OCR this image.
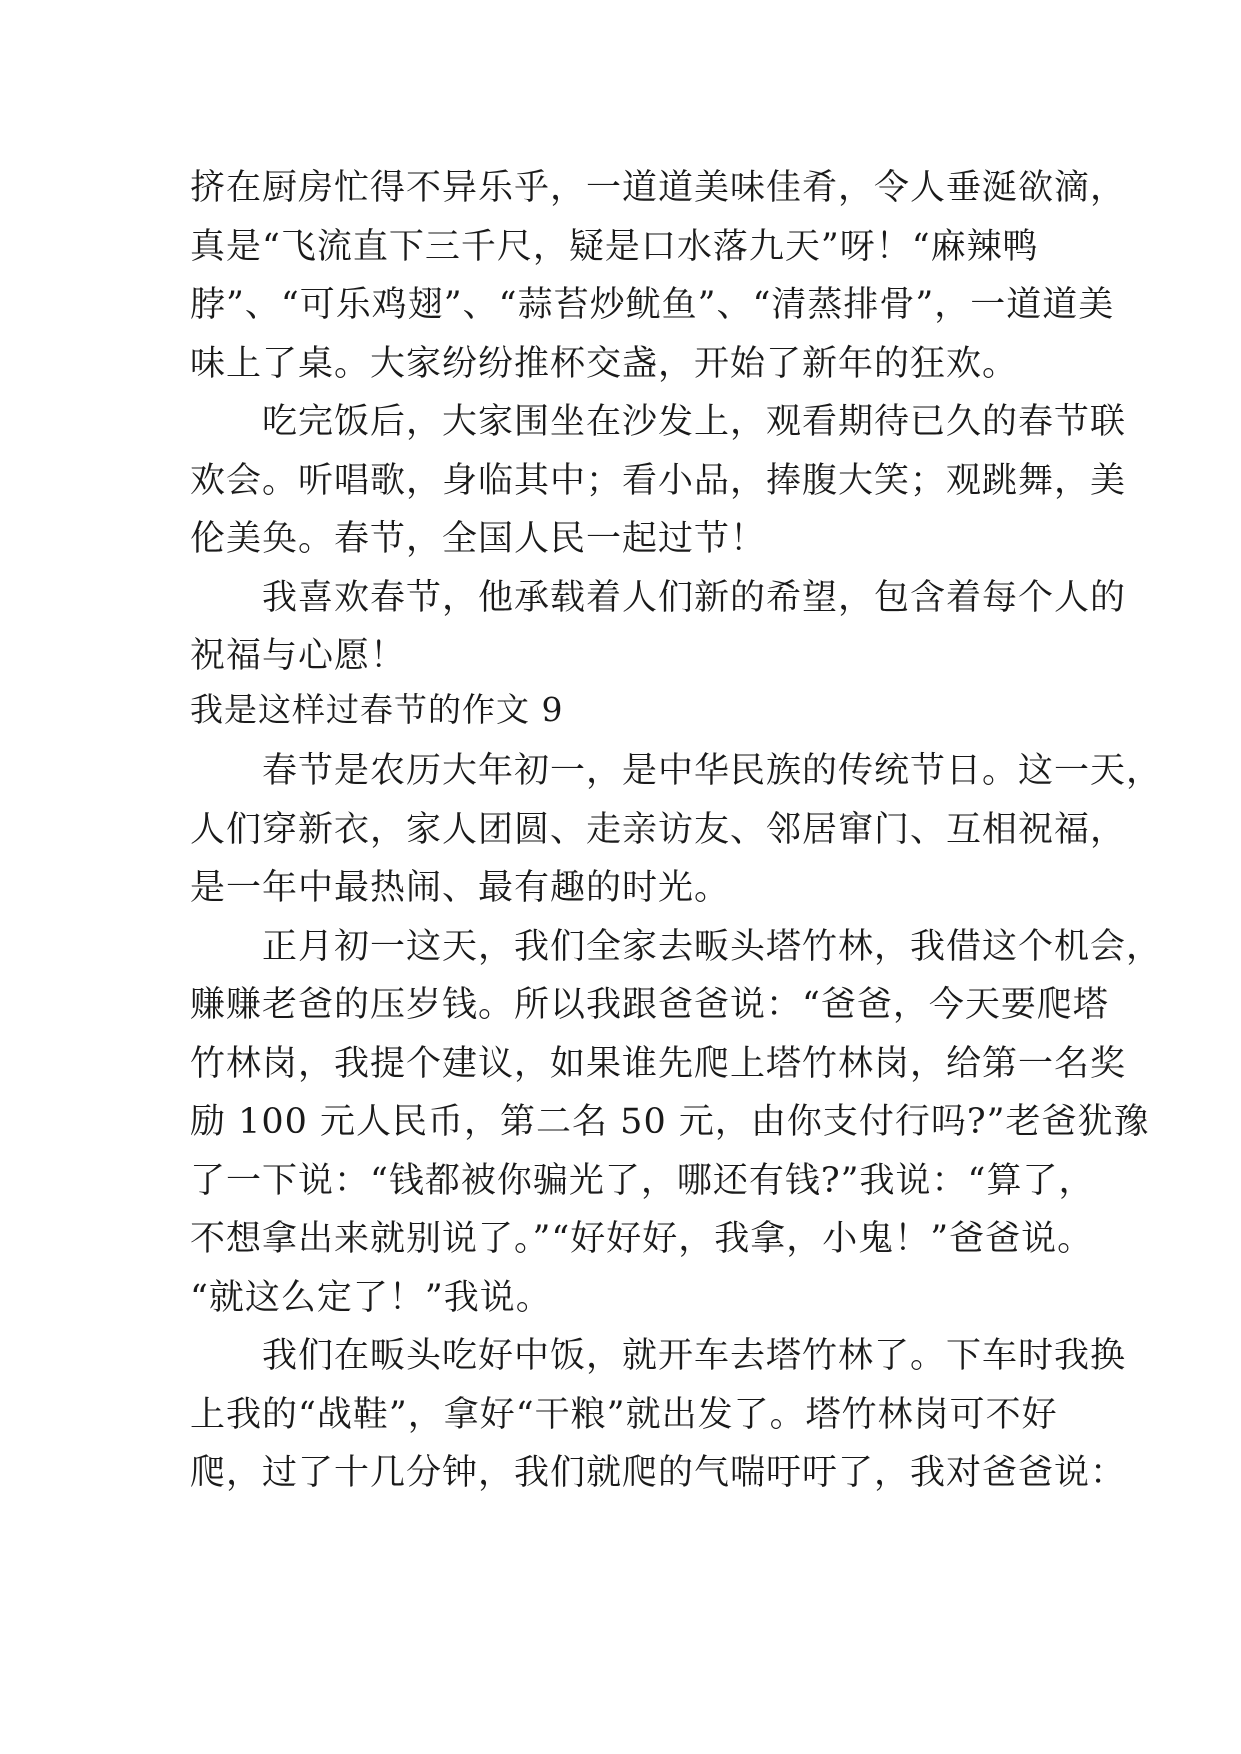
挤在厨房忙得不异乐乎，一道道美味佳肴，令人垂涎欲滴，
真是“飞流直下三千尺，疑是口水落九天”呀！“麻辣鸭
脖”、“可乐鸡翅”、“蒜苔炒鱿鱼”、“清蒸排骨”，一道道美
味上了桌。大家纷纷推杯交盏，开始了新年的狂欢。
　　吃完饭后，大家围坐在沙发上，观看期待已久的春节联
欢会。听唱歌，身临其中；看小品，捧腹大笑；观跳舞，美
伦美奂。春节，全国人民一起过节！
　　我喜欢春节，他承载着人们新的希望，包含着每个人的
祝福与心愿！
我是这样过春节的作文 9
　　春节是农历大年初一，是中华民族的传统节日。这一天，
人们穿新衣，家人团圆、走亲访友、邻居窜门、互相祝福，
是一年中最热闹、最有趣的时光。
　　正月初一这天，我们全家去畈头塔竹林，我借这个机会，
赚赚老爸的压岁钱。所以我跟爸爸说：“爸爸，今天要爬塔
竹林岗，我提个建议，如果谁先爬上塔竹林岗，给第一名奖
励 100 元人民币，第二名 50 元，由你支付行吗?”老爸犹豫
了一下说：“钱都被你骗光了，哪还有钱?”我说：“算了，
不想拿出来就别说了。”“好好好，我拿，小鬼！”爸爸说。
“就这么定了！”我说。
　　我们在畈头吃好中饭，就开车去塔竹林了。下车时我换
上我的“战鞋”，拿好“干粮”就出发了。塔竹林岗可不好
爬，过了十几分钟，我们就爬的气喘吁吁了，我对爸爸说：
